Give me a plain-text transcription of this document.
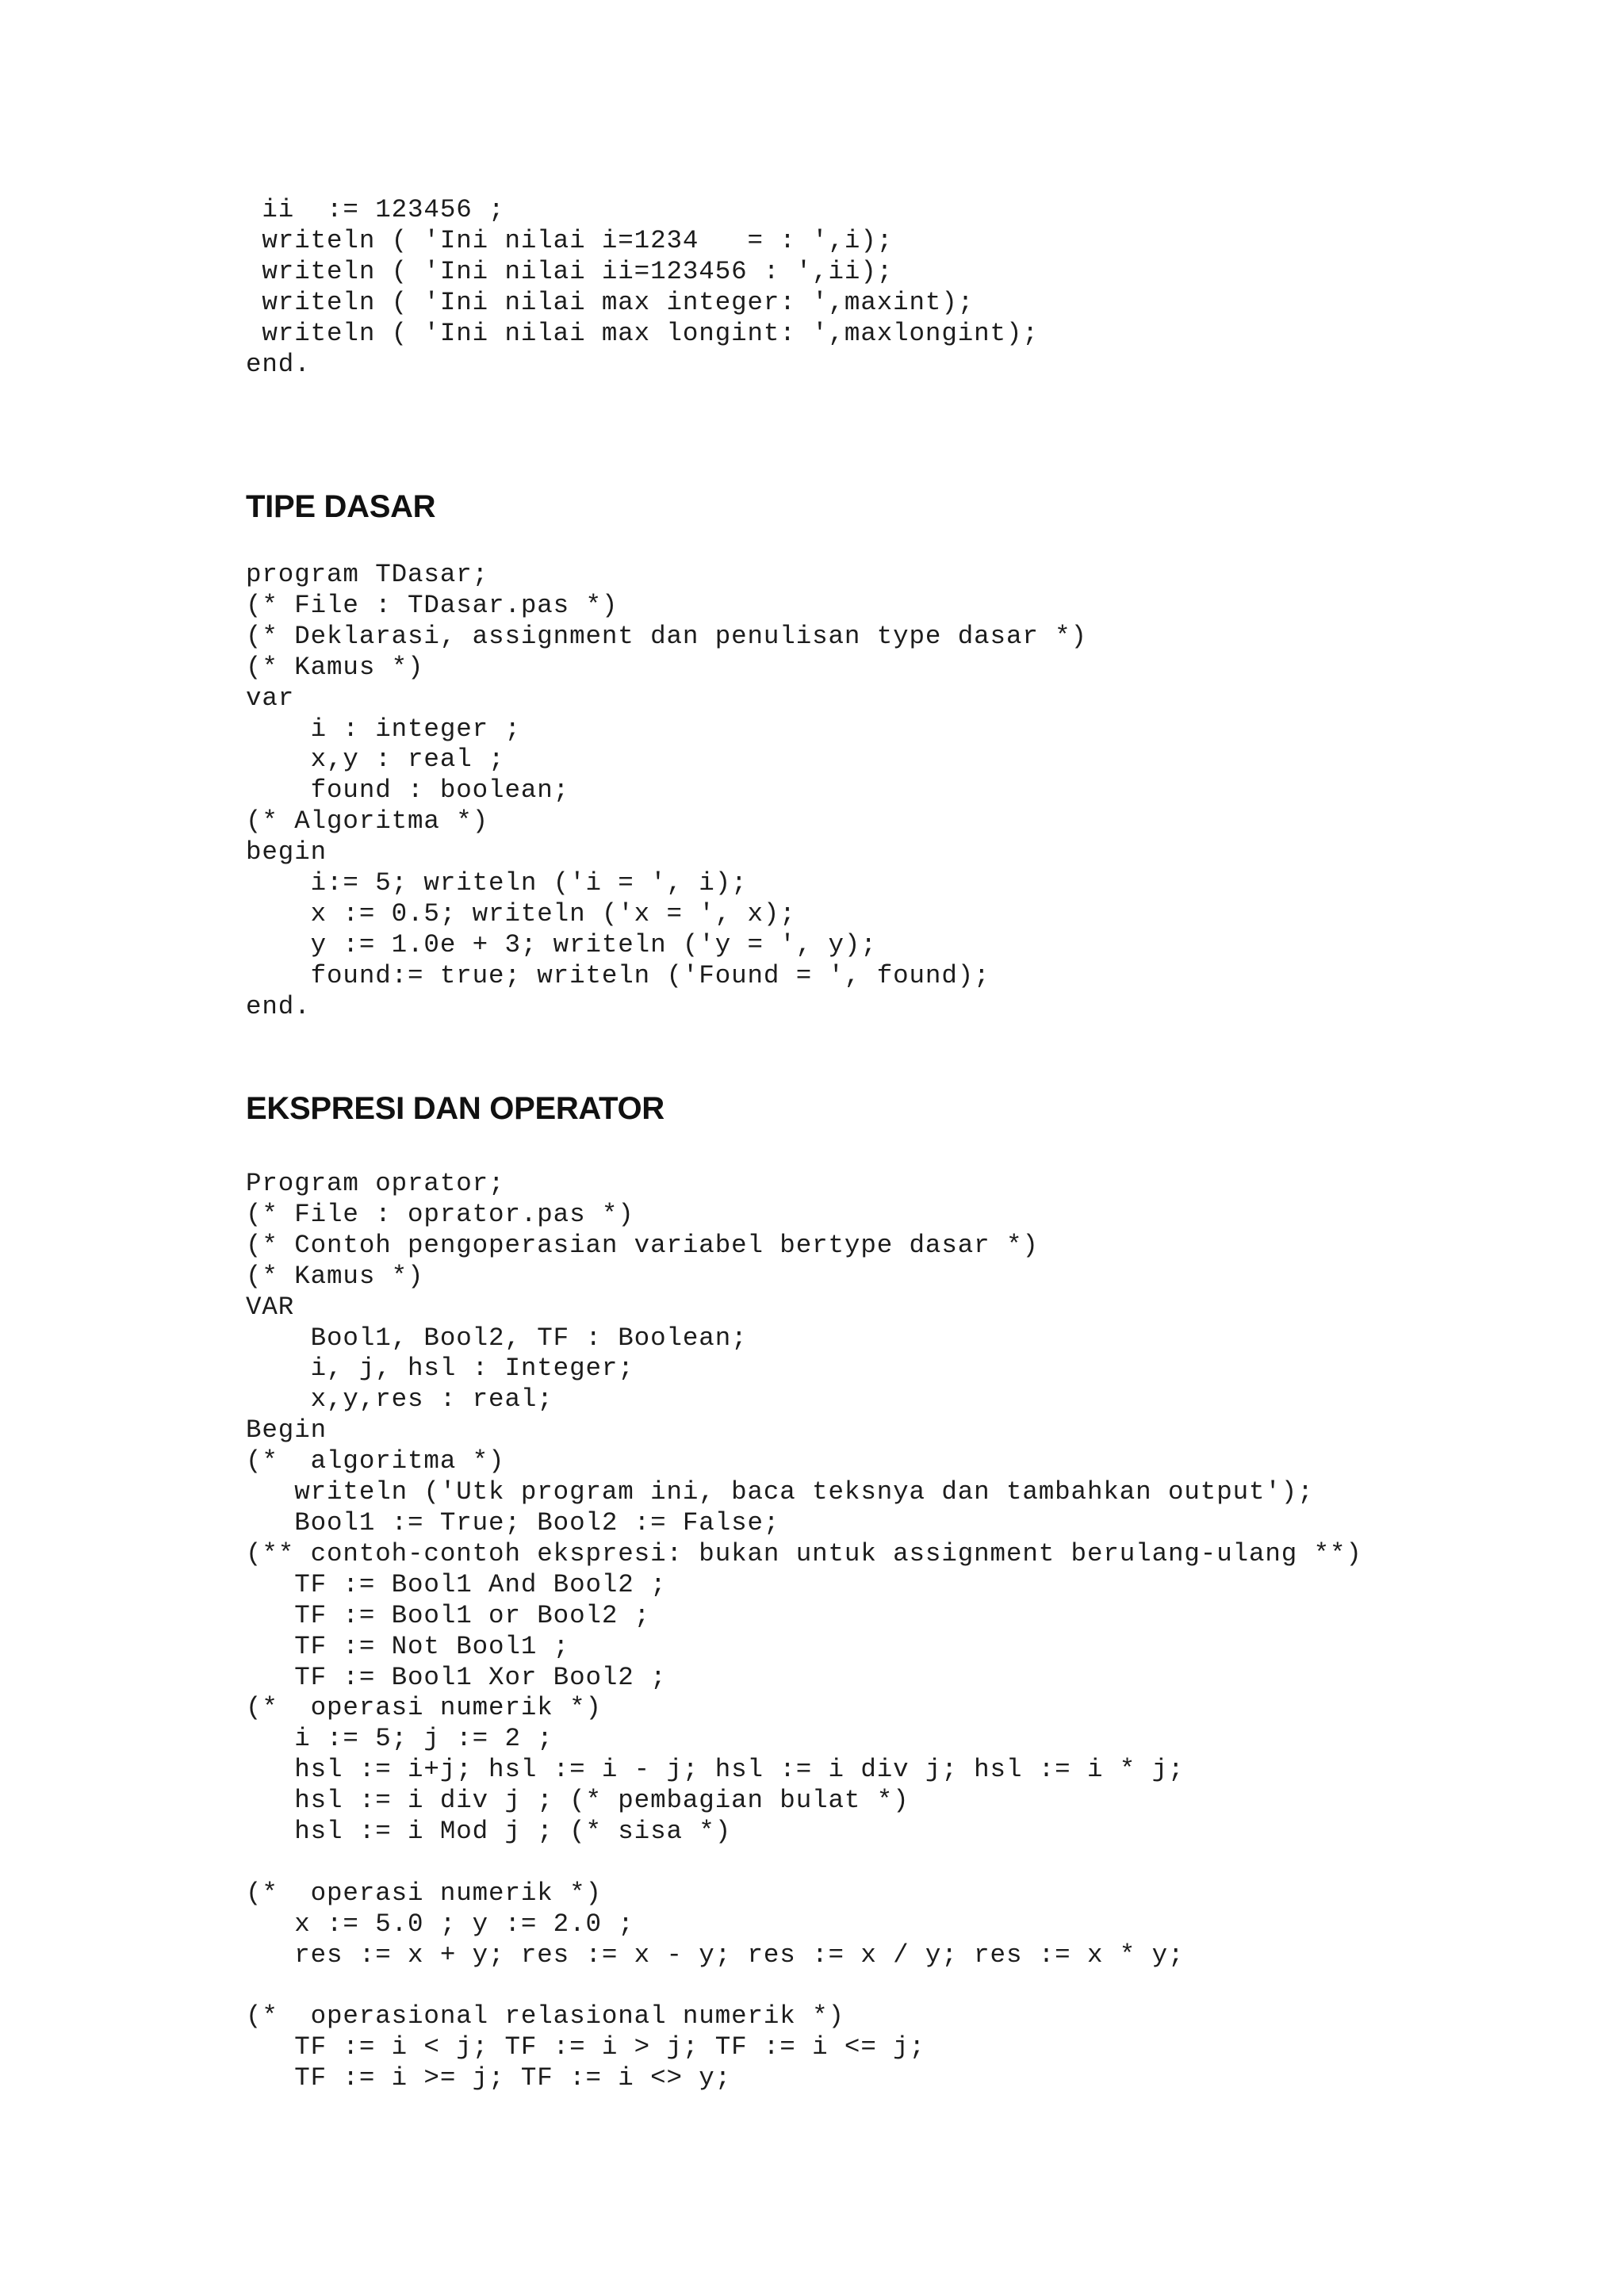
ii  := 123456 ;
writeln ( 'Ini nilai i=1234   = : ',i);
writeln ( 'Ini nilai ii=123456 : ',ii);
writeln ( 'Ini nilai max integer: ',maxint);
writeln ( 'Ini nilai max longint: ',maxlongint);
end.
TIPE DASAR
program TDasar;
(* File : TDasar.pas *)
(* Deklarasi, assignment dan penulisan type dasar *)
(* Kamus *)
var
i : integer ;
x,y : real ;
found : boolean;
(* Algoritma *)
begin
i:= 5; writeln ('i = ', i);
x := 0.5; writeln ('x = ', x);
y := 1.0e + 3; writeln ('y = ', y);
found:= true; writeln ('Found = ', found);
end.
EKSPRESI DAN OPERATOR
Program oprator;
(* File : oprator.pas *)
(* Contoh pengoperasian variabel bertype dasar *)
(* Kamus *)
VAR
Bool1, Bool2, TF : Boolean;
i, j, hsl : Integer;
x,y,res : real;
Begin
(*  algoritma *)
writeln ('Utk program ini, baca teksnya dan tambahkan output');
Bool1 := True; Bool2 := False;
(** contoh-contoh ekspresi: bukan untuk assignment berulang-ulang **)
TF := Bool1 And Bool2 ;
TF := Bool1 or Bool2 ;
TF := Not Bool1 ;
TF := Bool1 Xor Bool2 ;
(*  operasi numerik *)
i := 5; j := 2 ;
hsl := i+j; hsl := i - j; hsl := i div j; hsl := i * j;
hsl := i div j ; (* pembagian bulat *)
hsl := i Mod j ; (* sisa *)

(*  operasi numerik *)
x := 5.0 ; y := 2.0 ;
res := x + y; res := x - y; res := x / y; res := x * y;

(*  operasional relasional numerik *)
TF := i < j; TF := i > j; TF := i <= j;
TF := i >= j; TF := i <> y;
